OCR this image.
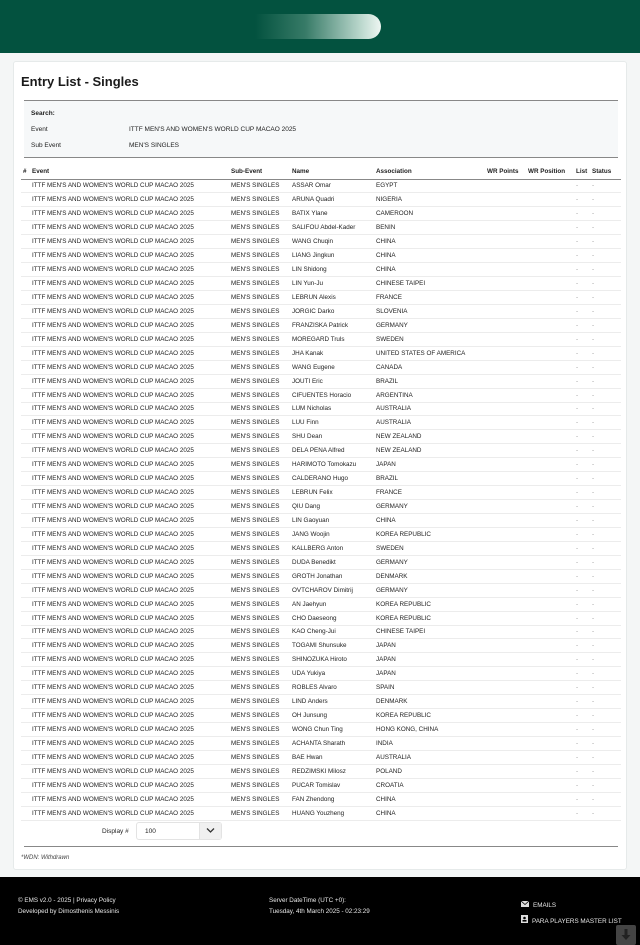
Entry List - Singles
Search:
Event	ITTF MEN'S AND WOMEN'S WORLD CUP MACAO 2025
Sub Event	MEN'S SINGLES
#	Event	Sub-Event	Name	Association	WR Points	WR Position	List	Status
	ITTF MEN'S AND WOMEN'S WORLD CUP MACAO 2025	MEN'S SINGLES	ASSAR Omar	EGYPT			-	-
	ITTF MEN'S AND WOMEN'S WORLD CUP MACAO 2025	MEN'S SINGLES	ARUNA Quadri	NIGERIA			-	-
	ITTF MEN'S AND WOMEN'S WORLD CUP MACAO 2025	MEN'S SINGLES	BATIX Ylane	CAMEROON			-	-
	ITTF MEN'S AND WOMEN'S WORLD CUP MACAO 2025	MEN'S SINGLES	SALIFOU Abdel-Kader	BENIN			-	-
	ITTF MEN'S AND WOMEN'S WORLD CUP MACAO 2025	MEN'S SINGLES	WANG Chuqin	CHINA			-	-
	ITTF MEN'S AND WOMEN'S WORLD CUP MACAO 2025	MEN'S SINGLES	LIANG Jingkun	CHINA			-	-
	ITTF MEN'S AND WOMEN'S WORLD CUP MACAO 2025	MEN'S SINGLES	LIN Shidong	CHINA			-	-
	ITTF MEN'S AND WOMEN'S WORLD CUP MACAO 2025	MEN'S SINGLES	LIN Yun-Ju	CHINESE TAIPEI			-	-
	ITTF MEN'S AND WOMEN'S WORLD CUP MACAO 2025	MEN'S SINGLES	LEBRUN Alexis	FRANCE			-	-
	ITTF MEN'S AND WOMEN'S WORLD CUP MACAO 2025	MEN'S SINGLES	JORGIC Darko	SLOVENIA			-	-
	ITTF MEN'S AND WOMEN'S WORLD CUP MACAO 2025	MEN'S SINGLES	FRANZISKA Patrick	GERMANY			-	-
	ITTF MEN'S AND WOMEN'S WORLD CUP MACAO 2025	MEN'S SINGLES	MOREGARD Truls	SWEDEN			-	-
	ITTF MEN'S AND WOMEN'S WORLD CUP MACAO 2025	MEN'S SINGLES	JHA Kanak	UNITED STATES OF AMERICA			-	-
	ITTF MEN'S AND WOMEN'S WORLD CUP MACAO 2025	MEN'S SINGLES	WANG Eugene	CANADA			-	-
	ITTF MEN'S AND WOMEN'S WORLD CUP MACAO 2025	MEN'S SINGLES	JOUTI Eric	BRAZIL			-	-
	ITTF MEN'S AND WOMEN'S WORLD CUP MACAO 2025	MEN'S SINGLES	CIFUENTES Horacio	ARGENTINA			-	-
	ITTF MEN'S AND WOMEN'S WORLD CUP MACAO 2025	MEN'S SINGLES	LUM Nicholas	AUSTRALIA			-	-
	ITTF MEN'S AND WOMEN'S WORLD CUP MACAO 2025	MEN'S SINGLES	LUU Finn	AUSTRALIA			-	-
	ITTF MEN'S AND WOMEN'S WORLD CUP MACAO 2025	MEN'S SINGLES	SHU Dean	NEW ZEALAND			-	-
	ITTF MEN'S AND WOMEN'S WORLD CUP MACAO 2025	MEN'S SINGLES	DELA PENA Alfred	NEW ZEALAND			-	-
	ITTF MEN'S AND WOMEN'S WORLD CUP MACAO 2025	MEN'S SINGLES	HARIMOTO Tomokazu	JAPAN			-	-
	ITTF MEN'S AND WOMEN'S WORLD CUP MACAO 2025	MEN'S SINGLES	CALDERANO Hugo	BRAZIL			-	-
	ITTF MEN'S AND WOMEN'S WORLD CUP MACAO 2025	MEN'S SINGLES	LEBRUN Felix	FRANCE			-	-
	ITTF MEN'S AND WOMEN'S WORLD CUP MACAO 2025	MEN'S SINGLES	QIU Dang	GERMANY			-	-
	ITTF MEN'S AND WOMEN'S WORLD CUP MACAO 2025	MEN'S SINGLES	LIN Gaoyuan	CHINA			-	-
	ITTF MEN'S AND WOMEN'S WORLD CUP MACAO 2025	MEN'S SINGLES	JANG Woojin	KOREA REPUBLIC			-	-
	ITTF MEN'S AND WOMEN'S WORLD CUP MACAO 2025	MEN'S SINGLES	KALLBERG Anton	SWEDEN			-	-
	ITTF MEN'S AND WOMEN'S WORLD CUP MACAO 2025	MEN'S SINGLES	DUDA Benedikt	GERMANY			-	-
	ITTF MEN'S AND WOMEN'S WORLD CUP MACAO 2025	MEN'S SINGLES	GROTH Jonathan	DENMARK			-	-
	ITTF MEN'S AND WOMEN'S WORLD CUP MACAO 2025	MEN'S SINGLES	OVTCHAROV Dimitrij	GERMANY			-	-
	ITTF MEN'S AND WOMEN'S WORLD CUP MACAO 2025	MEN'S SINGLES	AN Jaehyun	KOREA REPUBLIC			-	-
	ITTF MEN'S AND WOMEN'S WORLD CUP MACAO 2025	MEN'S SINGLES	CHO Daeseong	KOREA REPUBLIC			-	-
	ITTF MEN'S AND WOMEN'S WORLD CUP MACAO 2025	MEN'S SINGLES	KAO Cheng-Jui	CHINESE TAIPEI			-	-
	ITTF MEN'S AND WOMEN'S WORLD CUP MACAO 2025	MEN'S SINGLES	TOGAMI Shunsuke	JAPAN			-	-
	ITTF MEN'S AND WOMEN'S WORLD CUP MACAO 2025	MEN'S SINGLES	SHINOZUKA Hiroto	JAPAN			-	-
	ITTF MEN'S AND WOMEN'S WORLD CUP MACAO 2025	MEN'S SINGLES	UDA Yukiya	JAPAN			-	-
	ITTF MEN'S AND WOMEN'S WORLD CUP MACAO 2025	MEN'S SINGLES	ROBLES Alvaro	SPAIN			-	-
	ITTF MEN'S AND WOMEN'S WORLD CUP MACAO 2025	MEN'S SINGLES	LIND Anders	DENMARK			-	-
	ITTF MEN'S AND WOMEN'S WORLD CUP MACAO 2025	MEN'S SINGLES	OH Junsung	KOREA REPUBLIC			-	-
	ITTF MEN'S AND WOMEN'S WORLD CUP MACAO 2025	MEN'S SINGLES	WONG Chun Ting	HONG KONG, CHINA			-	-
	ITTF MEN'S AND WOMEN'S WORLD CUP MACAO 2025	MEN'S SINGLES	ACHANTA Sharath	INDIA			-	-
	ITTF MEN'S AND WOMEN'S WORLD CUP MACAO 2025	MEN'S SINGLES	BAE Hwan	AUSTRALIA			-	-
	ITTF MEN'S AND WOMEN'S WORLD CUP MACAO 2025	MEN'S SINGLES	REDZIMSKI Milosz	POLAND			-	-
	ITTF MEN'S AND WOMEN'S WORLD CUP MACAO 2025	MEN'S SINGLES	PUCAR Tomislav	CROATIA			-	-
	ITTF MEN'S AND WOMEN'S WORLD CUP MACAO 2025	MEN'S SINGLES	FAN Zhendong	CHINA			-	-
	ITTF MEN'S AND WOMEN'S WORLD CUP MACAO 2025	MEN'S SINGLES	HUANG Youzheng	CHINA			-	-
Display #	100
*WDN: Withdrawn
© EMS v2.0 - 2025 | Privacy Policy
Developed by Dimosthenis Messinis
Server DateTime (UTC +0):
Tuesday, 4th March 2025 - 02:23:29
EMAILS
PARA PLAYERS MASTER LIST
